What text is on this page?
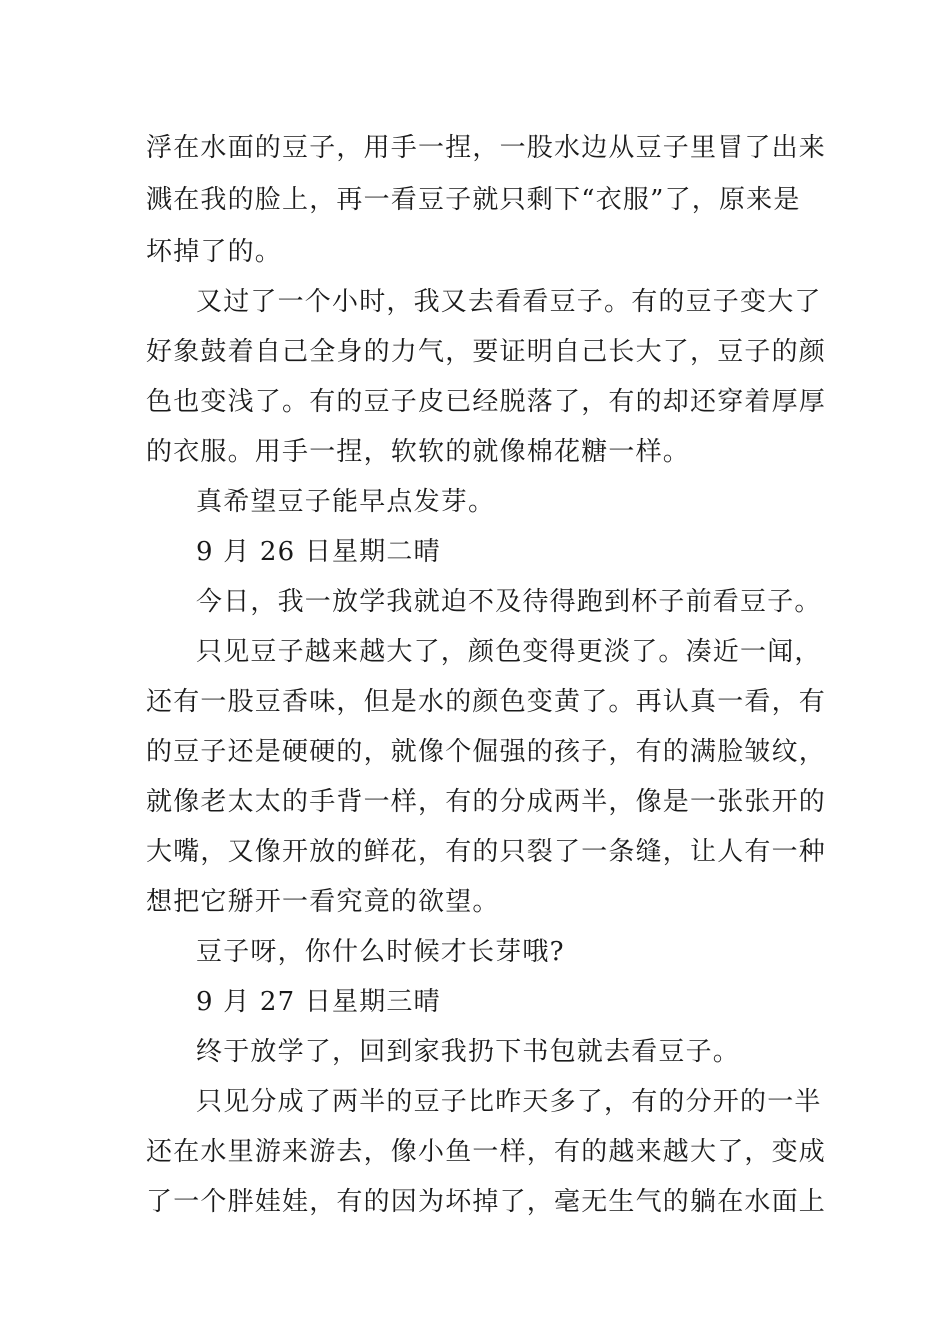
浮在水面的豆子，用手一捏，一股水边从豆子里冒了出来
溅在我的脸上，再一看豆子就只剩下“衣服”了，原来是
坏掉了的。
又过了一个小时，我又去看看豆子。有的豆子变大了
好象鼓着自己全身的力气，要证明自己长大了，豆子的颜
色也变浅了。有的豆子皮已经脱落了，有的却还穿着厚厚
的衣服。用手一捏，软软的就像棉花糖一样。
真希望豆子能早点发芽。
9 月 26 日星期二晴
今日，我一放学我就迫不及待得跑到杯子前看豆子。
只见豆子越来越大了，颜色变得更淡了。凑近一闻，
还有一股豆香味，但是水的颜色变黄了。再认真一看，有
的豆子还是硬硬的，就像个倔强的孩子，有的满脸皱纹，
就像老太太的手背一样，有的分成两半，像是一张张开的
大嘴，又像开放的鲜花，有的只裂了一条缝，让人有一种
想把它掰开一看究竟的欲望。
豆子呀，你什么时候才长芽哦?
9 月 27 日星期三晴
终于放学了，回到家我扔下书包就去看豆子。
只见分成了两半的豆子比昨天多了，有的分开的一半
还在水里游来游去，像小鱼一样，有的越来越大了，变成
了一个胖娃娃，有的因为坏掉了，毫无生气的躺在水面上
